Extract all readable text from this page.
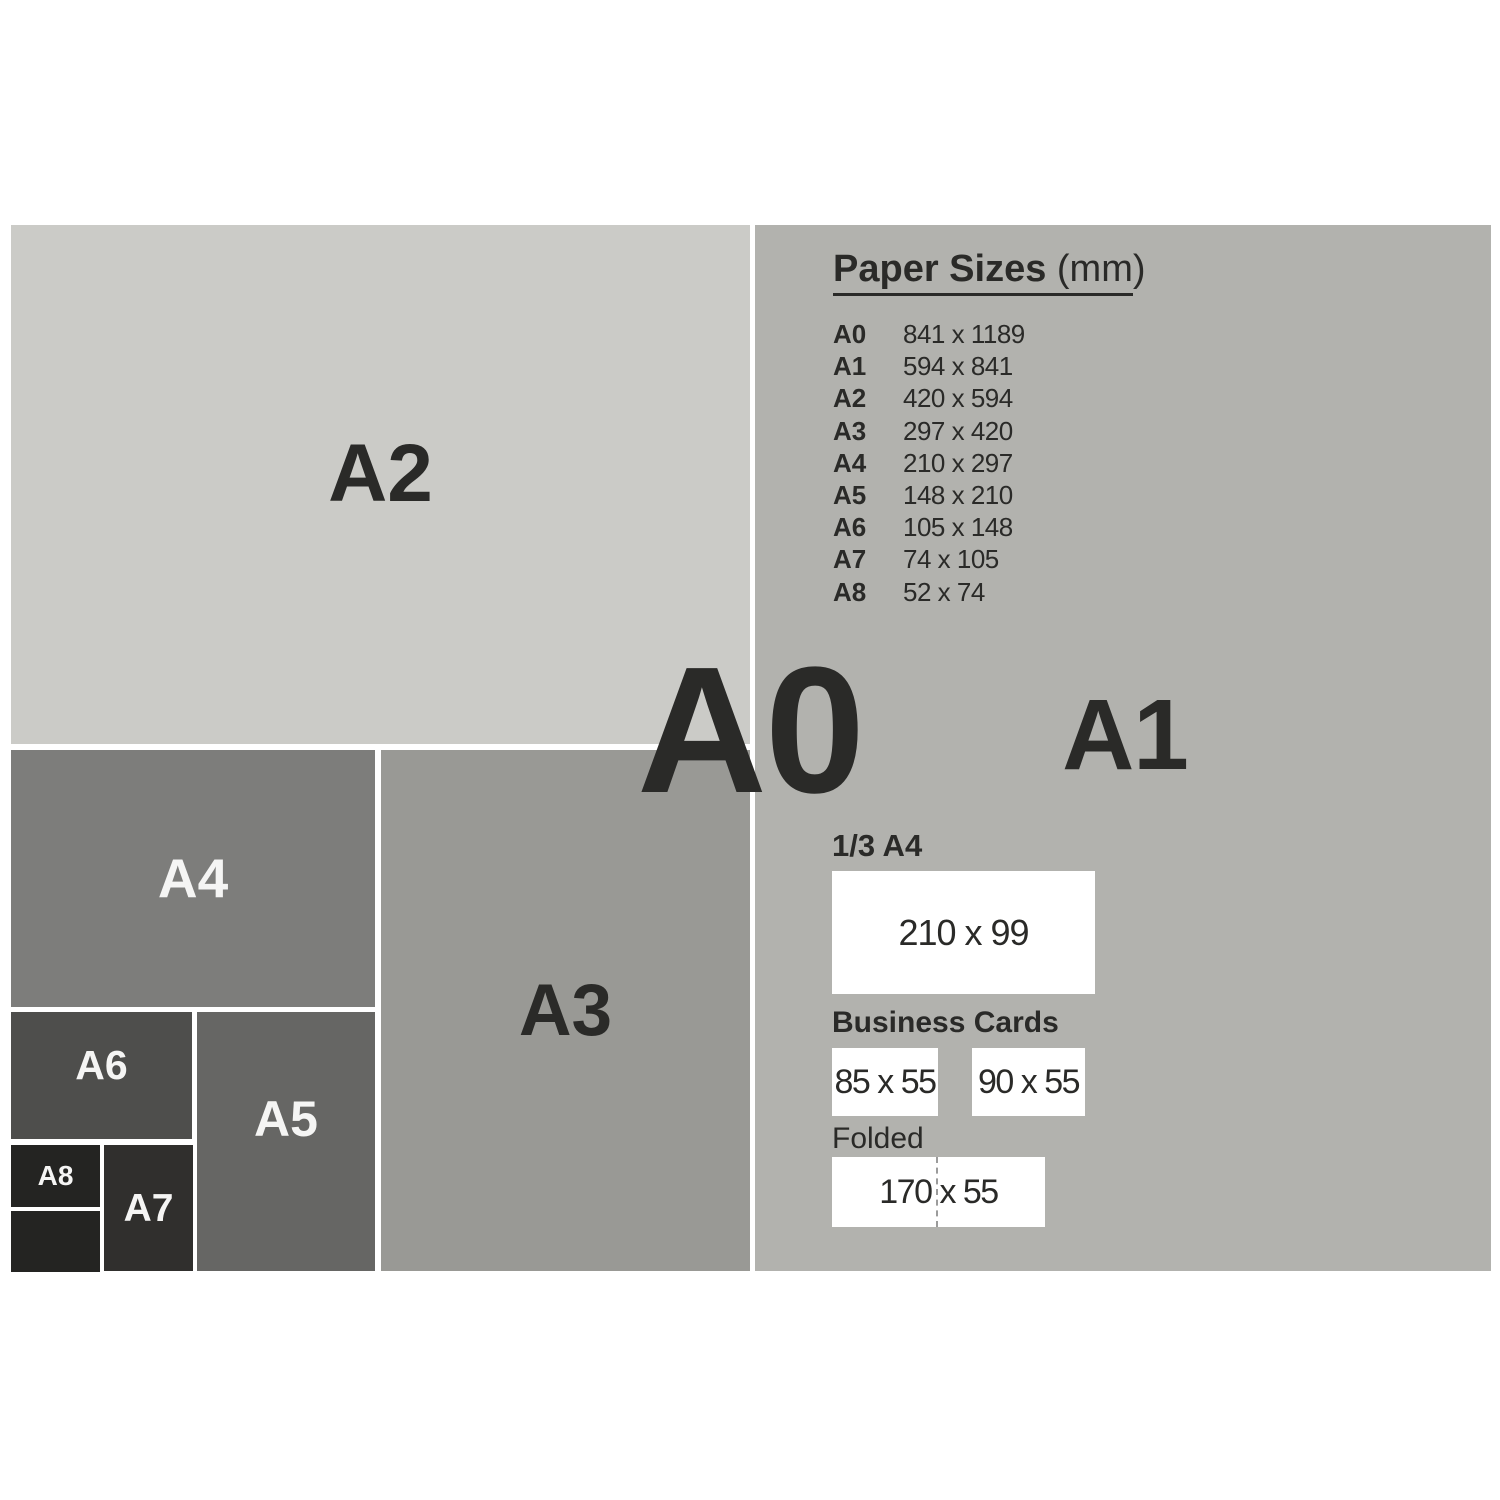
A2
A3
A4
A6
A5
A8
A7
A0 A1
Paper Sizes (mm)
A0 841 x 1189
A1 594 x 841
A2 420 x 594
A3 297 x 420
A4 210 x 297
A5 148 x 210
A6 105 x 148
A7 74 x 105
A8 52 x 74
1/3 A4
210 x 99
Business Cards
85 x 55 90 x 55
Folded
170 x 55
